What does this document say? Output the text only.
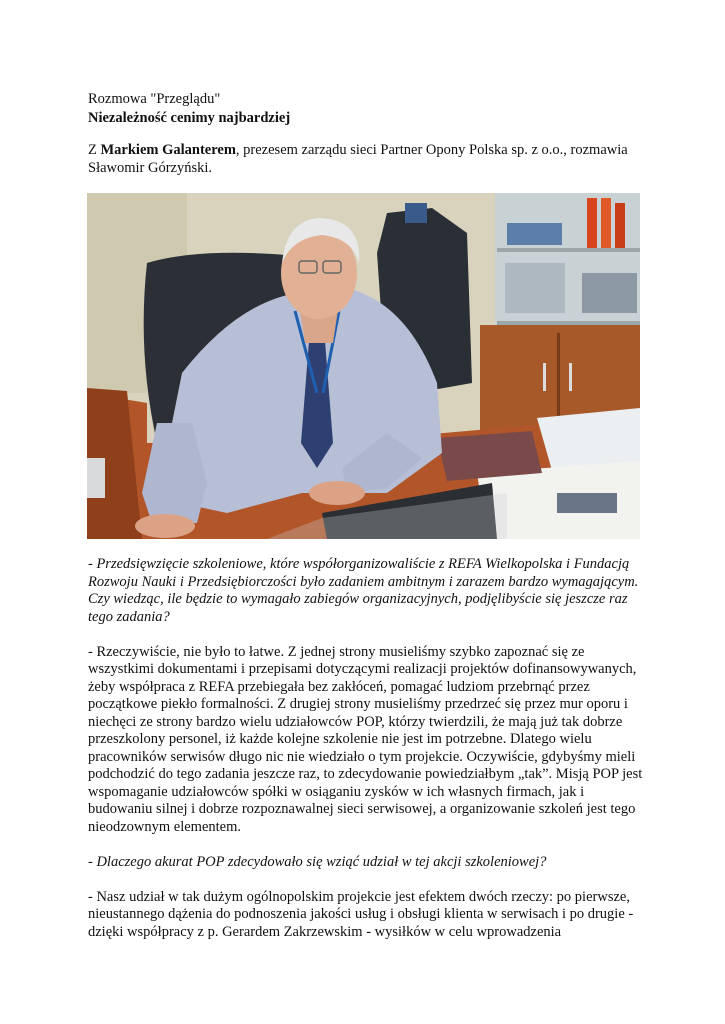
Rozmowa "Przeglądu"
Niezależność cenimy najbardziej
Z Markiem Galanterem, prezesem zarządu sieci Partner Opony Polska sp. z o.o., rozmawia Sławomir Górzyński.

- Przedsięwzięcie szkoleniowe, które współorganizowaliście z REFA Wielkopolska i Fundacją Rozwoju Nauki i Przedsiębiorczości było zadaniem ambitnym i zarazem bardzo wymagającym. Czy wiedząc, ile będzie to wymagało zabiegów organizacyjnych, podjęlibyście się jeszcze raz tego zadania?

- Rzeczywiście, nie było to łatwe. Z jednej strony musieliśmy szybko zapoznać się ze wszystkimi dokumentami i przepisami dotyczącymi realizacji projektów dofinansowywanych, żeby współpraca z REFA przebiegała bez zakłóceń, pomagać ludziom przebrnąć przez początkowe piekło formalności. Z drugiej strony musieliśmy przedrzeć się przez mur oporu i niechęci ze strony bardzo wielu udziałowców POP, którzy twierdzili, że mają już tak dobrze przeszkolony personel, iż każde kolejne szkolenie nie jest im potrzebne. Dlatego wielu pracowników serwisów długo nic nie wiedziało o tym projekcie. Oczywiście, gdybyśmy mieli podchodzić do tego zadania jeszcze raz, to zdecydowanie powiedziałbym „tak”. Misją POP jest wspomaganie udziałowców spółki w osiąganiu zysków w ich własnych firmach, jak i budowaniu silnej i dobrze rozpoznawalnej sieci serwisowej, a organizowanie szkoleń jest tego nieodzownym elementem.

- Dlaczego akurat POP zdecydowało się wziąć udział w tej akcji szkoleniowej?

- Nasz udział w tak dużym ogólnopolskim projekcie jest efektem dwóch rzeczy: po pierwsze, nieustannego dążenia do podnoszenia jakości usług i obsługi klienta w serwisach i po drugie - dzięki współpracy z p. Gerardem Zakrzewskim - wysiłków w celu wprowadzenia
